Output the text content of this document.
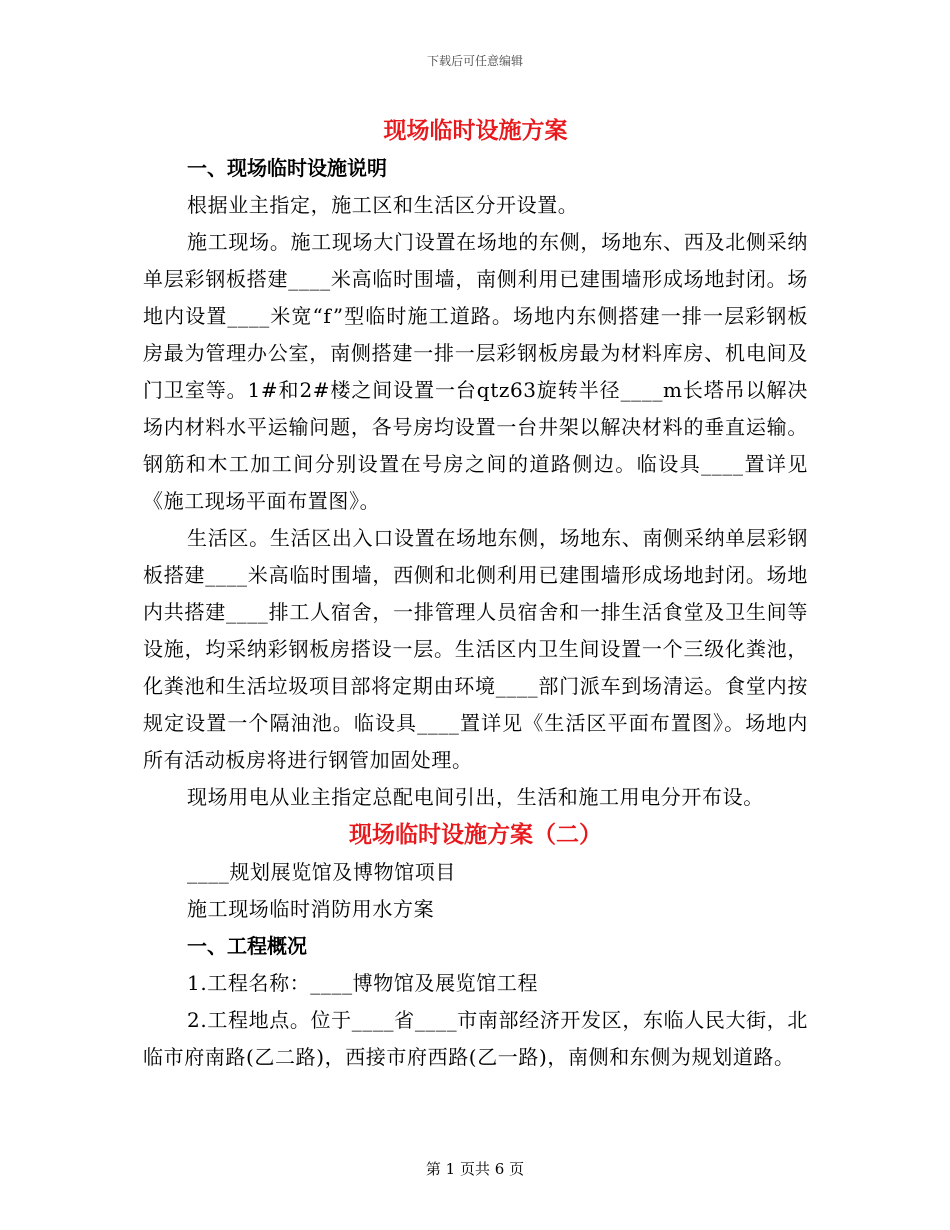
下载后可任意编辑
现场临时设施方案
一、现场临时设施说明

根据业主指定，施工区和生活区分开设置。

施工现场。施工现场大门设置在场地的东侧，场地东、西及北侧采纳单层彩钢板搭建____米高临时围墙，南侧利用已建围墙形成场地封闭。场地内设置____米宽“f”型临时施工道路。场地内东侧搭建一排一层彩钢板房最为管理办公室，南侧搭建一排一层彩钢板房最为材料库房、机电间及门卫室等。1#和2#楼之间设置一台qtz63旋转半径____m长塔吊以解决场内材料水平运输问题，各号房均设置一台井架以解决材料的垂直运输。钢筋和木工加工间分别设置在号房之间的道路侧边。临设具____置详见《施工现场平面布置图》。

生活区。生活区出入口设置在场地东侧，场地东、南侧采纳单层彩钢板搭建____米高临时围墙，西侧和北侧利用已建围墙形成场地封闭。场地内共搭建____排工人宿舍，一排管理人员宿舍和一排生活食堂及卫生间等设施，均采纳彩钢板房搭设一层。生活区内卫生间设置一个三级化粪池，化粪池和生活垃圾项目部将定期由环境____部门派车到场清运。食堂内按规定设置一个隔油池。临设具____置详见《生活区平面布置图》。场地内所有活动板房将进行钢管加固处理。

现场用电从业主指定总配电间引出，生活和施工用电分开布设。

现场临时设施方案（二）

____规划展览馆及博物馆项目

施工现场临时消防用水方案

一、工程概况

1.工程名称：____博物馆及展览馆工程

2.工程地点。位于____省____市南部经济开发区，东临人民大街，北临市府南路(乙二路)，西接市府西路(乙一路)，南侧和东侧为规划道路。

第 1 页共 6 页
